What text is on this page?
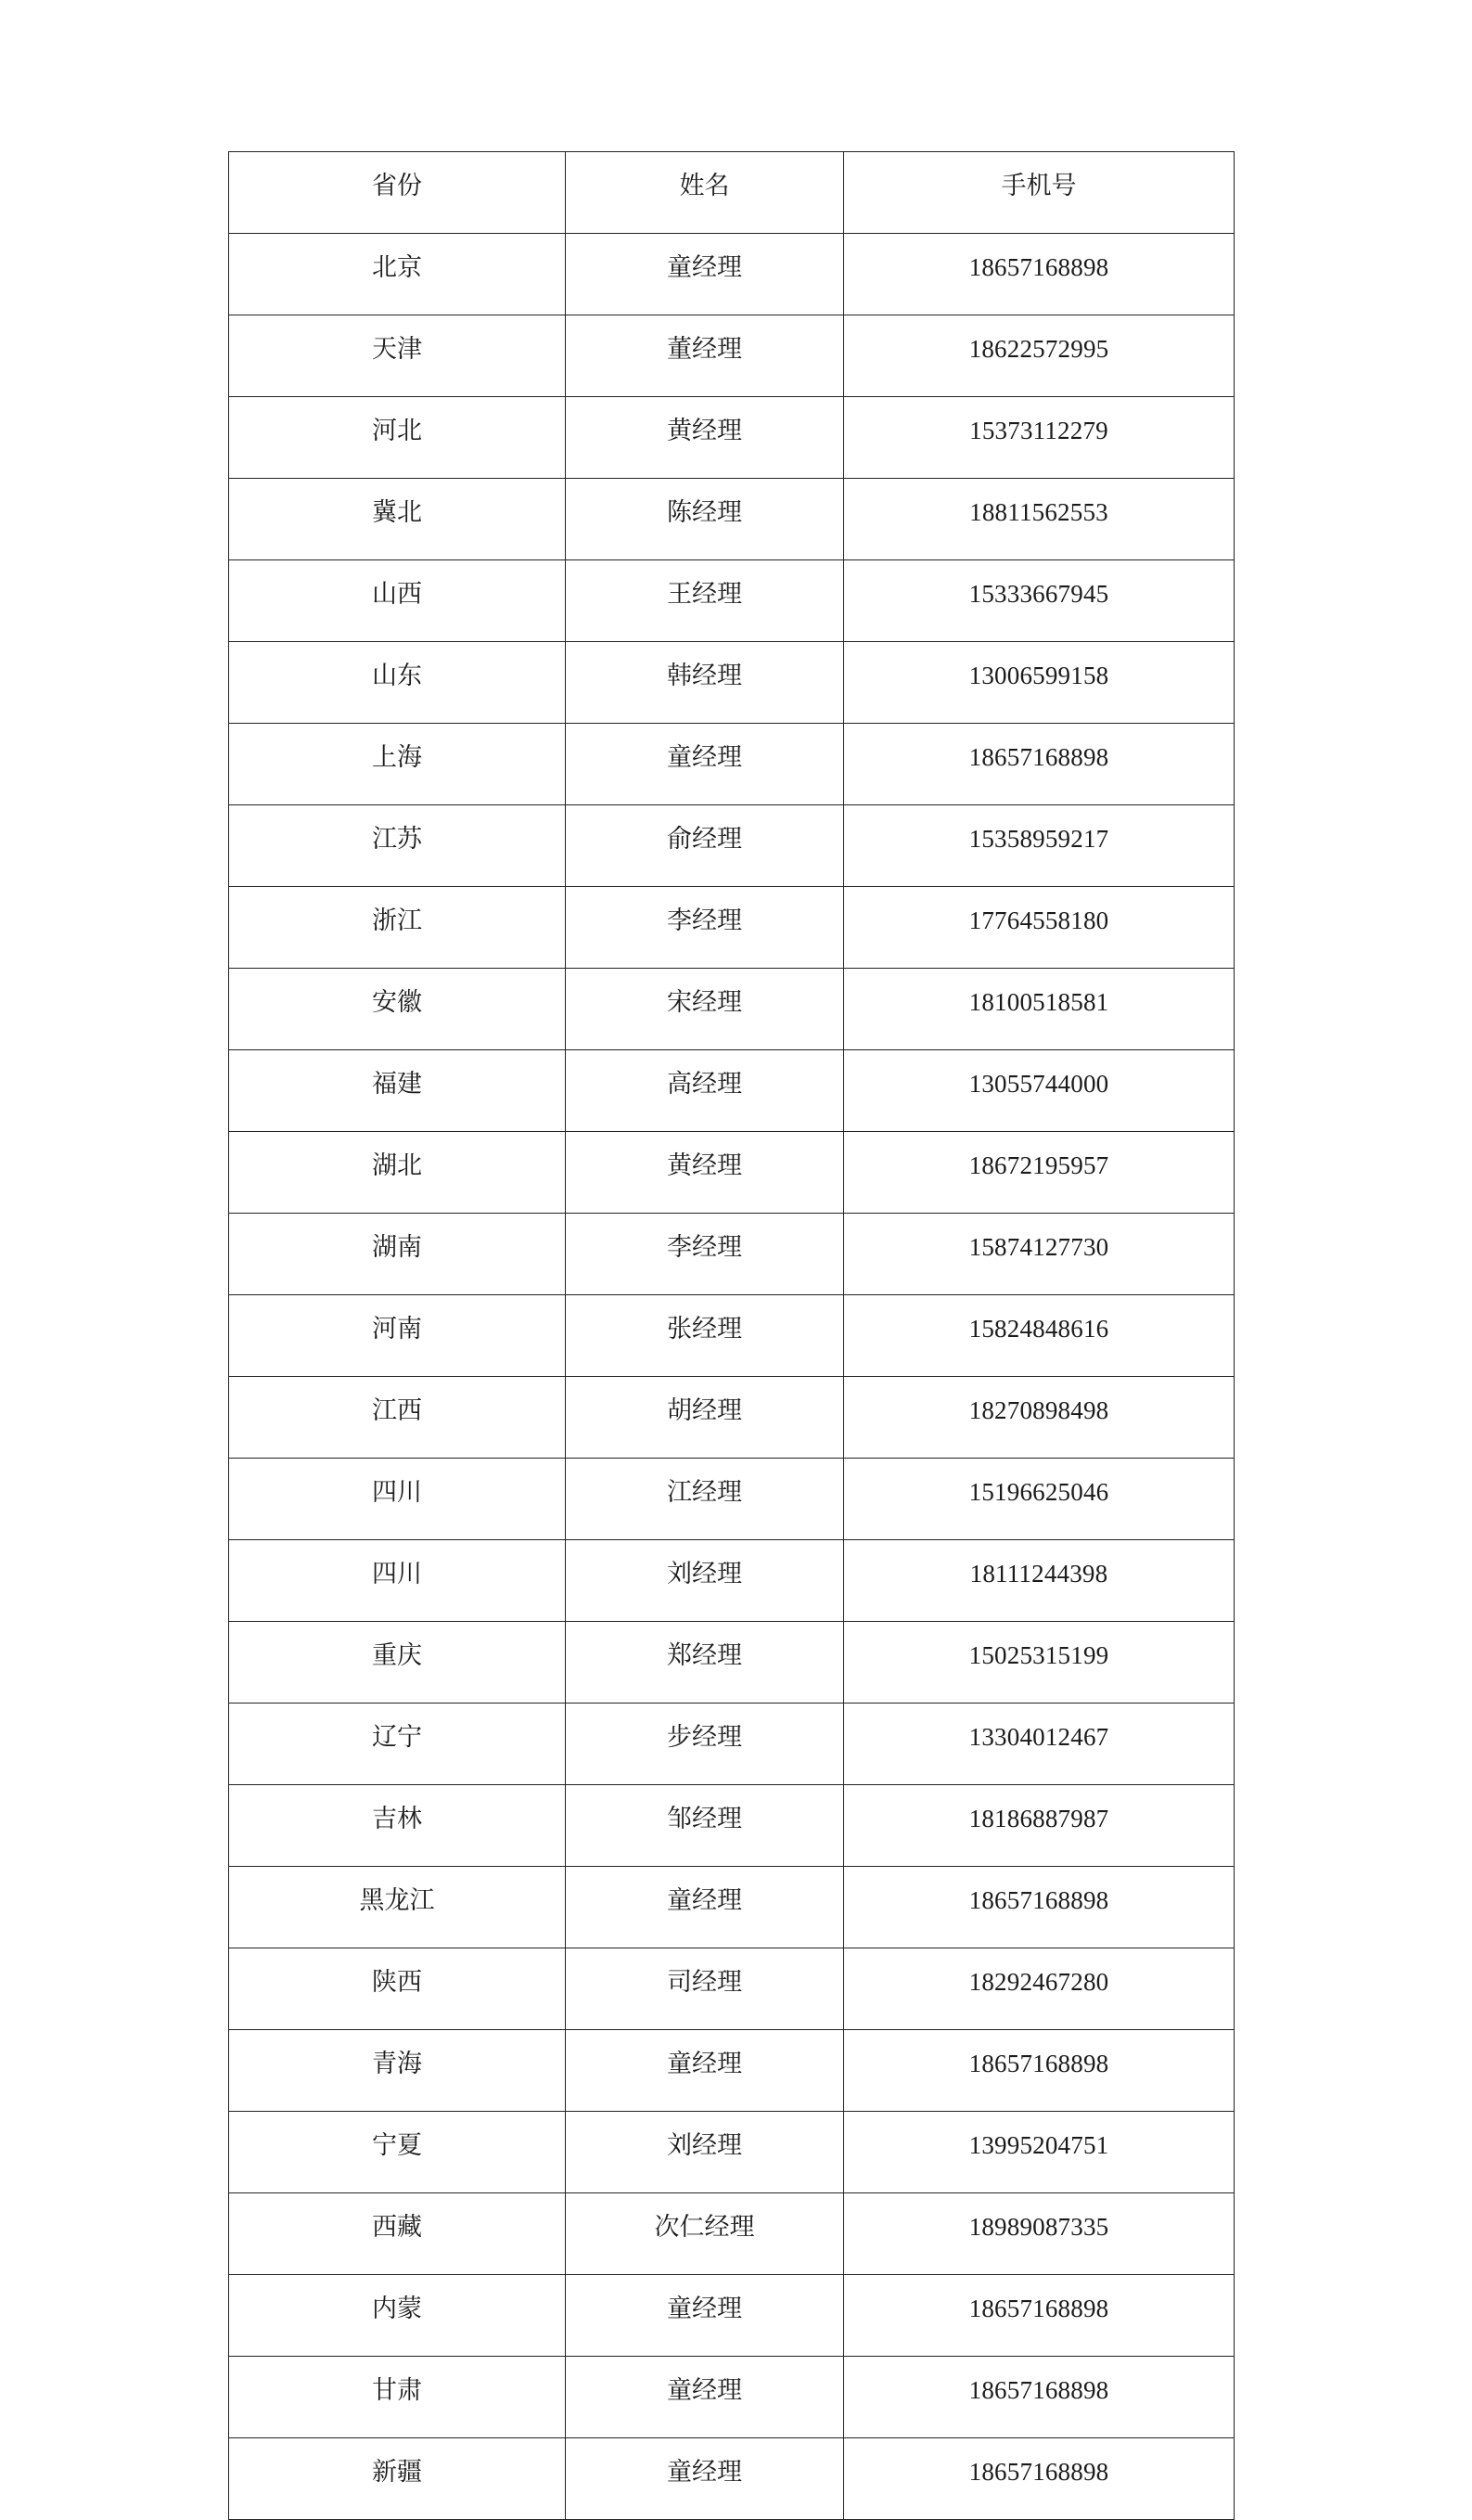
省份	姓名	手机号
北京	童经理	18657168898
天津	董经理	18622572995
河北	黄经理	15373112279
冀北	陈经理	18811562553
山西	王经理	15333667945
山东	韩经理	13006599158
上海	童经理	18657168898
江苏	俞经理	15358959217
浙江	李经理	17764558180
安徽	宋经理	18100518581
福建	高经理	13055744000
湖北	黄经理	18672195957
湖南	李经理	15874127730
河南	张经理	15824848616
江西	胡经理	18270898498
四川	江经理	15196625046
四川	刘经理	18111244398
重庆	郑经理	15025315199
辽宁	步经理	13304012467
吉林	邹经理	18186887987
黑龙江	童经理	18657168898
陕西	司经理	18292467280
青海	童经理	18657168898
宁夏	刘经理	13995204751
西藏	次仁经理	18989087335
内蒙	童经理	18657168898
甘肃	童经理	18657168898
新疆	童经理	18657168898
